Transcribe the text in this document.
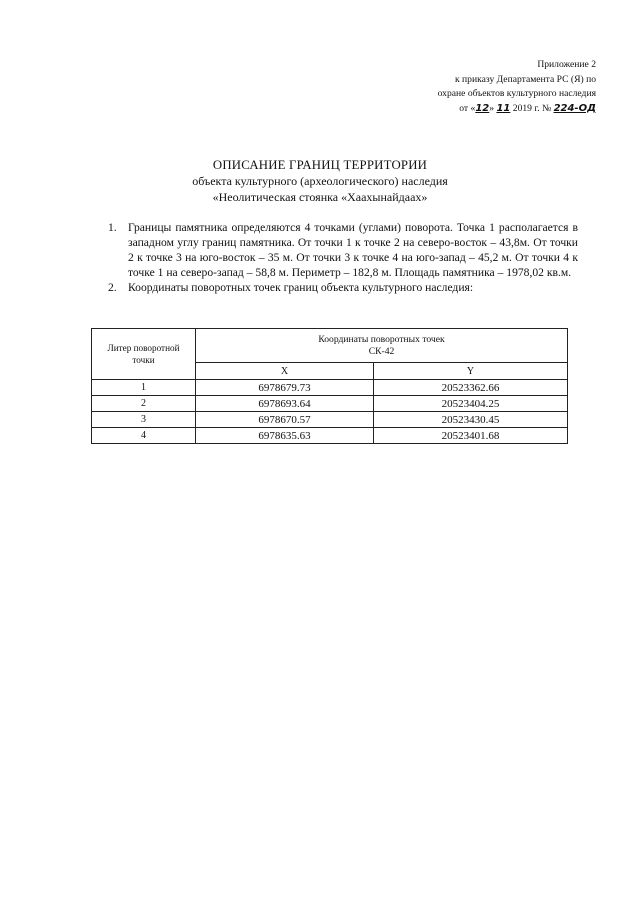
Приложение 2
к приказу Департамента РС (Я) по
охране объектов культурного наследия
от «12» 11 2019 г. № 224-ОД
ОПИСАНИЕ ГРАНИЦ ТЕРРИТОРИИ
объекта культурного (археологического) наследия
«Неолитическая стоянка «Хаахынайдаах»
1. Границы памятника определяются 4 точками (углами) поворота. Точка 1 располагается в западном углу границ памятника. От точки 1 к точке 2 на северо-восток – 43,8м. От точки 2 к точке 3 на юго-восток – 35 м. От точки 3 к точке 4 на юго-запад – 45,2 м. От точки 4 к точке 1 на северо-запад – 58,8 м. Периметр – 182,8 м. Площадь памятника – 1978,02 кв.м.
2. Координаты поворотных точек границ объекта культурного наследия:
Литер поворотной точки	Координаты поворотных точек
СК-42	

	X	Y
1	6978679.73	20523362.66
2	6978693.64	20523404.25
3	6978670.57	20523430.45
4	6978635.63	20523401.68
